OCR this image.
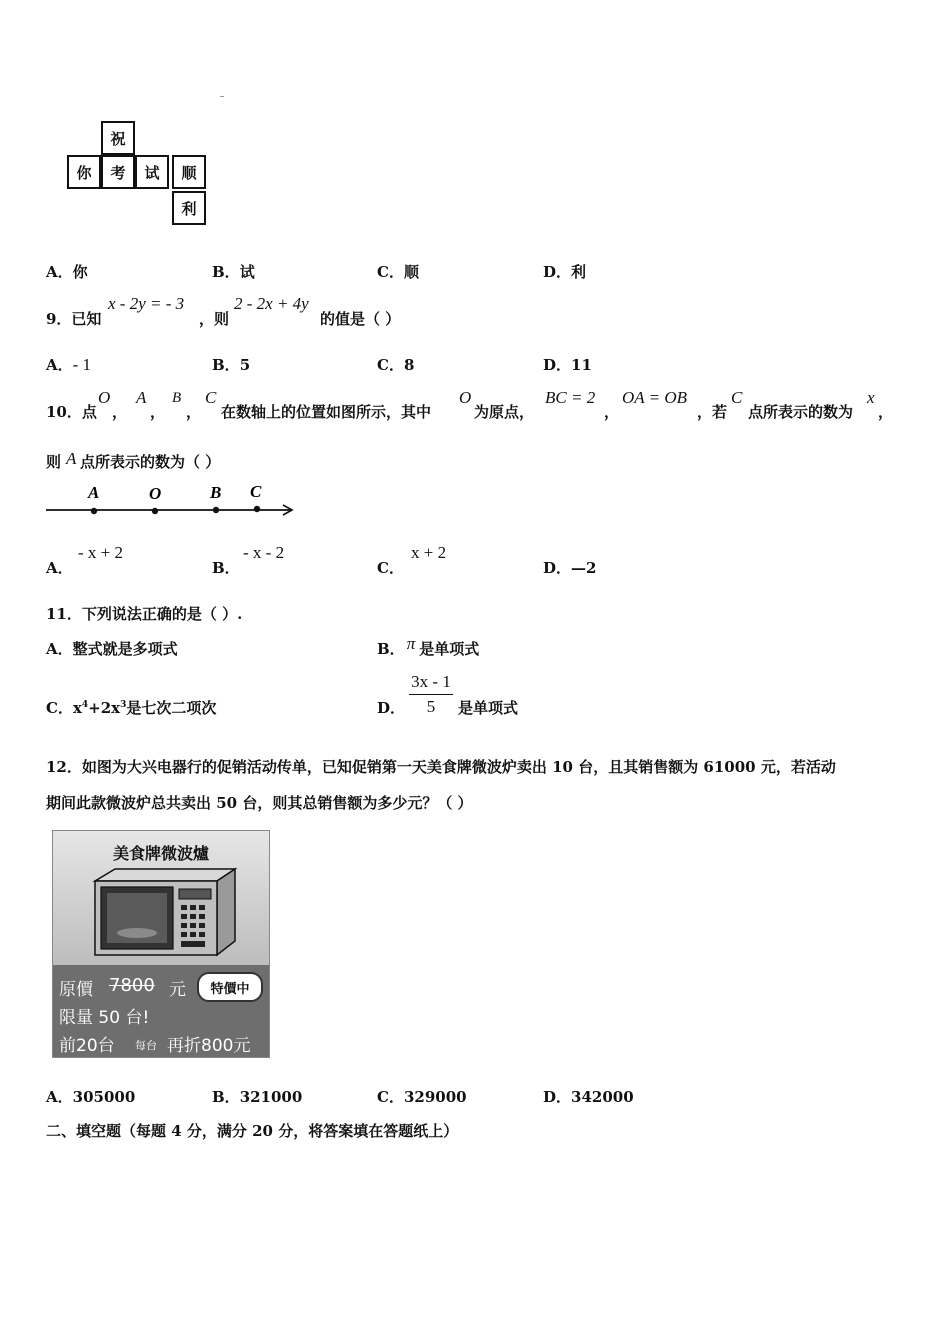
祝
你	考	试	顺
利
A．你	B．试	C．顺	D．利
9．已知
x - 2y = - 3
，则
2 - 2x + 4y
的值是（ ）
A．- 1	B．5	C．8	D．11
10．点
O
，
A
，
B
，
C
在数轴上的位置如图所示，其中
O
为原点，
BC = 2
，
OA = OB
，若
C
点所表示的数为
x
，
则 A 点所表示的数为（ ）
A	O	B C
A．
- x + 2
B．
- x - 2
C．
x + 2
D．—2
11．下列说法正确的是（ ）.
A．整式就是多项式	B． π 是单项式
C．$x^4+2x^3$是七次二项次	D．
3x - 1
5	是单项式
12．如图为大兴电器行的促销活动传单，已知促销第一天美食牌微波炉卖出 10 台，且其销售额为 61000 元，若活动
期间此款微波炉总共卖出 50 台，则其总销售额为多少元？（ ）
美食牌微波爐
原價 7800 元	特價中
限量 50 台!
前20台 每台 再折800元
A．305000	B．321000	C．329000	D．342000
二、填空题（每题 4 分，满分 20 分，将答案填在答题纸上）
